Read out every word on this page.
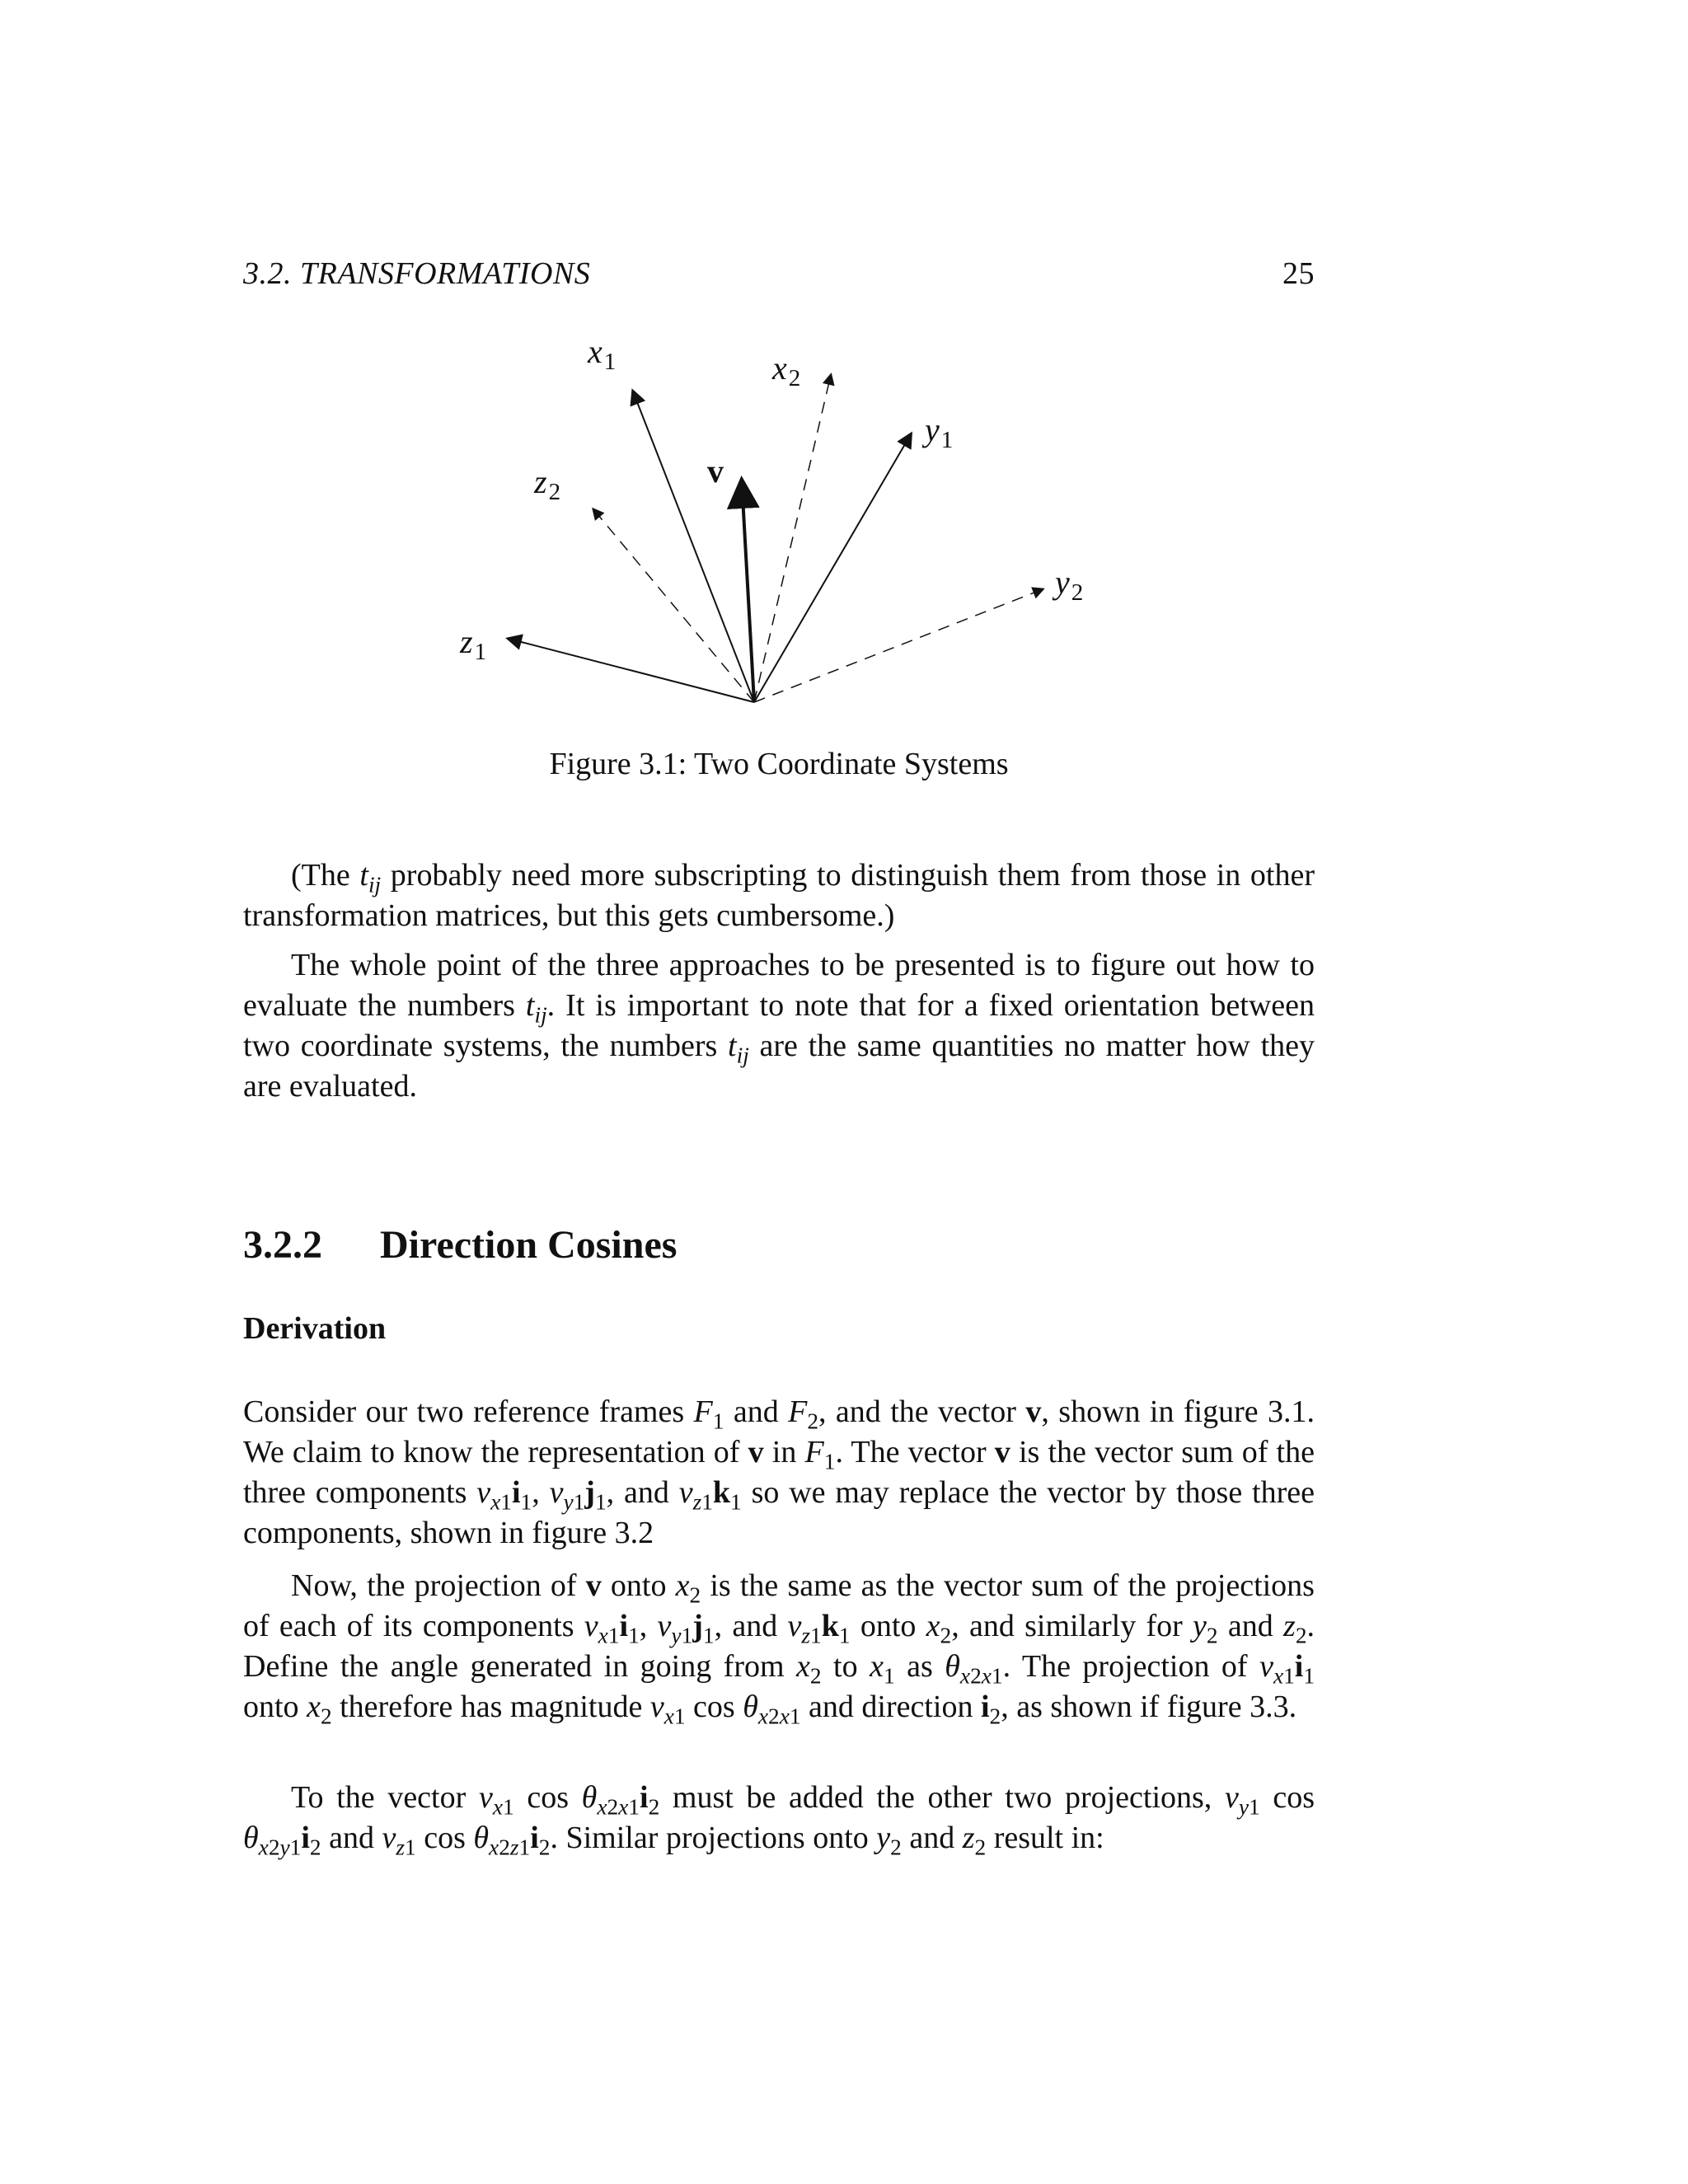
3.2. TRANSFORMATIONS	25
$x_1$	$x_2$
$y_1$
$y_2$
$z_1$
$z_2$
v
Figure 3.1: Two Coordinate Systems

(The $t_{ij}$ probably need more subscripting to distinguish them from those in other transformation matrices, but this gets cumbersome.)

The whole point of the three approaches to be presented is to figure out how to evaluate the numbers $t_{ij}$. It is important to note that for a fixed orientation between two coordinate systems, the numbers $t_{ij}$ are the same quantities no matter how they are evaluated.

3.2.2 Direction Cosines
Derivation

Consider our two reference frames $F_1$ and $F_2$, and the vector v, shown in figure 3.1. We claim to know the representation of v in $F_1$. The vector v is the vector sum of the three components $v_{x1}i_1$, $v_{y1}j_1$, and $v_{z1}k_1$ so we may replace the vector by those three components, shown in figure 3.2

Now, the projection of v onto $x_2$ is the same as the vector sum of the projections of each of its components $v_{x1}i_1$, $v_{y1}j_1$, and $v_{z1}k_1$ onto $x_2$, and similarly for $y_2$ and $z_2$. Define the angle generated in going from $x_2$ to $x_1$ as $\theta_{x2x1}$. The projection of $v_{x1}i_1$ onto $x_2$ therefore has magnitude $v_{x1}$ $\cos \theta_{x2x1}$ and direction $i_2$, as shown if figure 3.3.

To the vector $v_{x1}$ $\cos \theta_{x2x1}i_2$ must be added the other two projections, $v_{y1}$ $\cos \theta_{x2y1}i_2$ and $v_{z1}$ $\cos \theta_{x2z1}i_2$. Similar projections onto $y_2$ and $z_2$ result in:
